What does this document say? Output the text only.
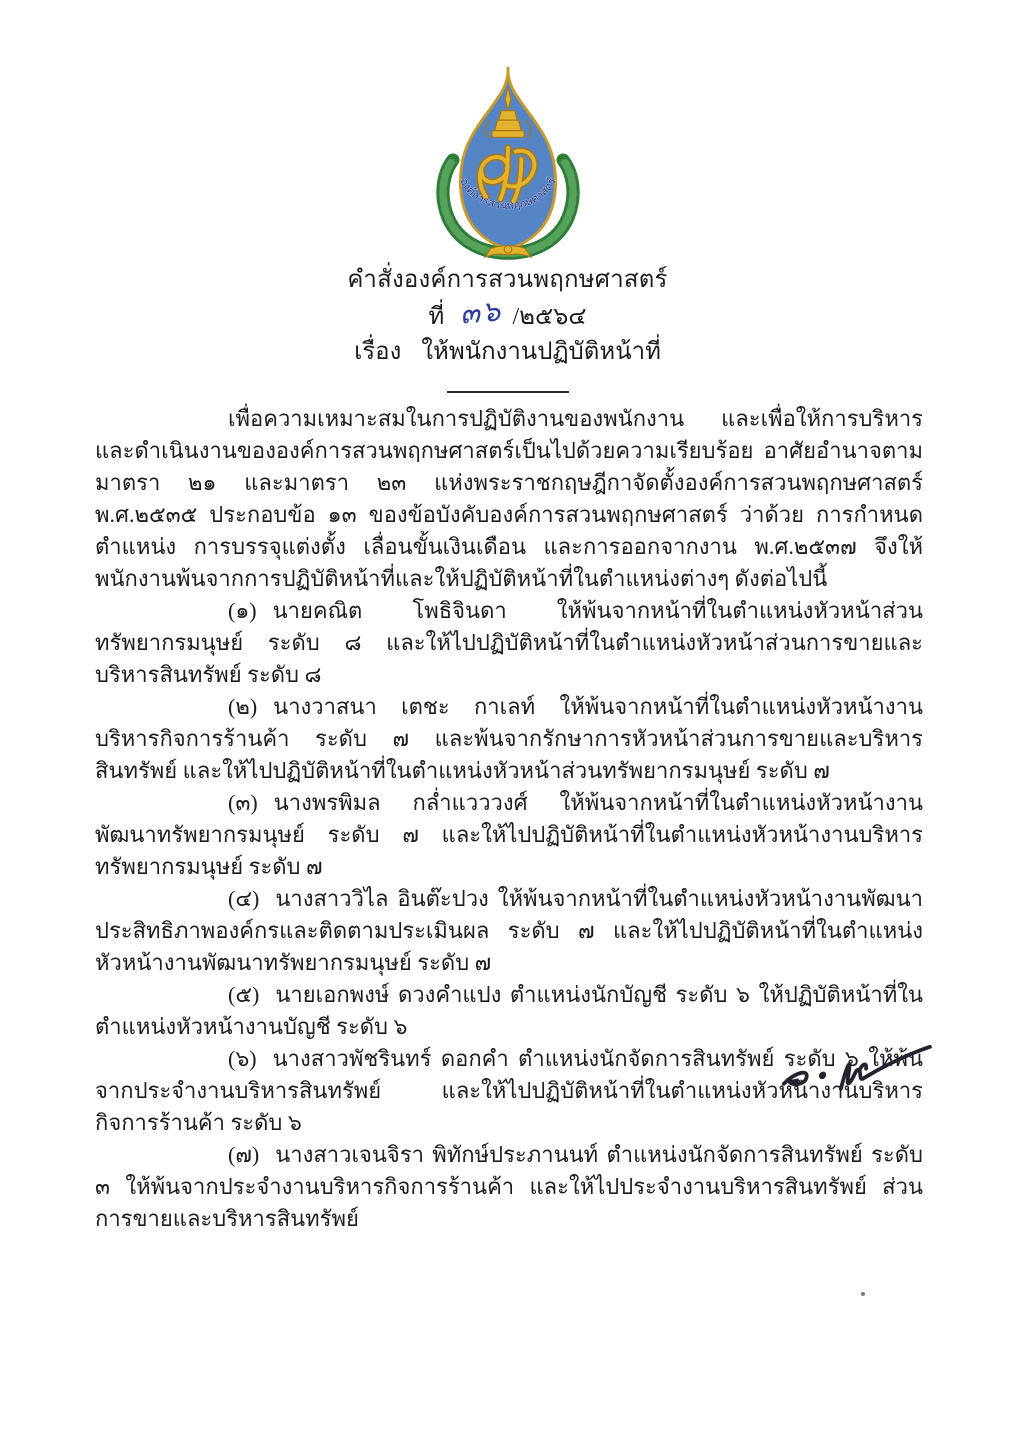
องค์การสวนพฤกษศาสตร์
คำสั่งองค์การสวนพฤกษศาสตร์
ที่ ๓๖ /๒๕๖๔
เรื่อง ให้พนักงานปฏิบัติหน้าที่

เพื่อความเหมาะสมในการปฏิบัติงานของพนักงาน และเพื่อให้การบริหารและดำเนินงานขององค์การสวนพฤกษศาสตร์เป็นไปด้วยความเรียบร้อย อาศัยอำนาจตามมาตรา ๒๑ และมาตรา ๒๓ แห่งพระราชกฤษฎีกาจัดตั้งองค์การสวนพฤกษศาสตร์ พ.ศ.๒๕๓๕ ประกอบข้อ ๑๓ ของข้อบังคับองค์การสวนพฤกษศาสตร์ ว่าด้วย การกำหนดตำแหน่ง การบรรจุแต่งตั้ง เลื่อนขั้นเงินเดือน และการออกจากงาน พ.ศ.๒๕๓๗ จึงให้พนักงานพ้นจากการปฏิบัติหน้าที่และให้ปฏิบัติหน้าที่ในตำแหน่งต่างๆ ดังต่อไปนี้

(๑) นายคณิต โพธิจินดา ให้พ้นจากหน้าที่ในตำแหน่งหัวหน้าส่วนทรัพยากรมนุษย์ ระดับ ๘ และให้ไปปฏิบัติหน้าที่ในตำแหน่งหัวหน้าส่วนการขายและบริหารสินทรัพย์ ระดับ ๘

(๒) นางวาสนา เตชะ กาเลท์ ให้พ้นจากหน้าที่ในตำแหน่งหัวหน้างานบริหารกิจการร้านค้า ระดับ ๗ และพ้นจากรักษาการหัวหน้าส่วนการขายและบริหารสินทรัพย์ และให้ไปปฏิบัติหน้าที่ในตำแหน่งหัวหน้าส่วนทรัพยากรมนุษย์ ระดับ ๗

(๓) นางพรพิมล กล่ำแวววงศ์ ให้พ้นจากหน้าที่ในตำแหน่งหัวหน้างานพัฒนาทรัพยากรมนุษย์ ระดับ ๗ และให้ไปปฏิบัติหน้าที่ในตำแหน่งหัวหน้างานบริหารทรัพยากรมนุษย์ ระดับ ๗

(๔) นางสาววิไล อินต๊ะปวง ให้พ้นจากหน้าที่ในตำแหน่งหัวหน้างานพัฒนาประสิทธิภาพองค์กรและติดตามประเมินผล ระดับ ๗ และให้ไปปฏิบัติหน้าที่ในตำแหน่งหัวหน้างานพัฒนาทรัพยากรมนุษย์ ระดับ ๗

(๕) นายเอกพงษ์ ดวงคำแปง ตำแหน่งนักบัญชี ระดับ ๖ ให้ปฏิบัติหน้าที่ในตำแหน่งหัวหน้างานบัญชี ระดับ ๖

(๖) นางสาวพัชรินทร์ ดอกคำ ตำแหน่งนักจัดการสินทรัพย์ ระดับ ๖ ให้พ้นจากประจำงานบริหารสินทรัพย์ และให้ไปปฏิบัติหน้าที่ในตำแหน่งหัวหน้างานบริหารกิจการร้านค้า ระดับ ๖

(๗) นางสาวเจนจิรา พิทักษ์ประภานนท์ ตำแหน่งนักจัดการสินทรัพย์ ระดับ ๓ ให้พ้นจากประจำงานบริหารกิจการร้านค้า และให้ไปประจำงานบริหารสินทรัพย์ ส่วนการขายและบริหารสินทรัพย์
